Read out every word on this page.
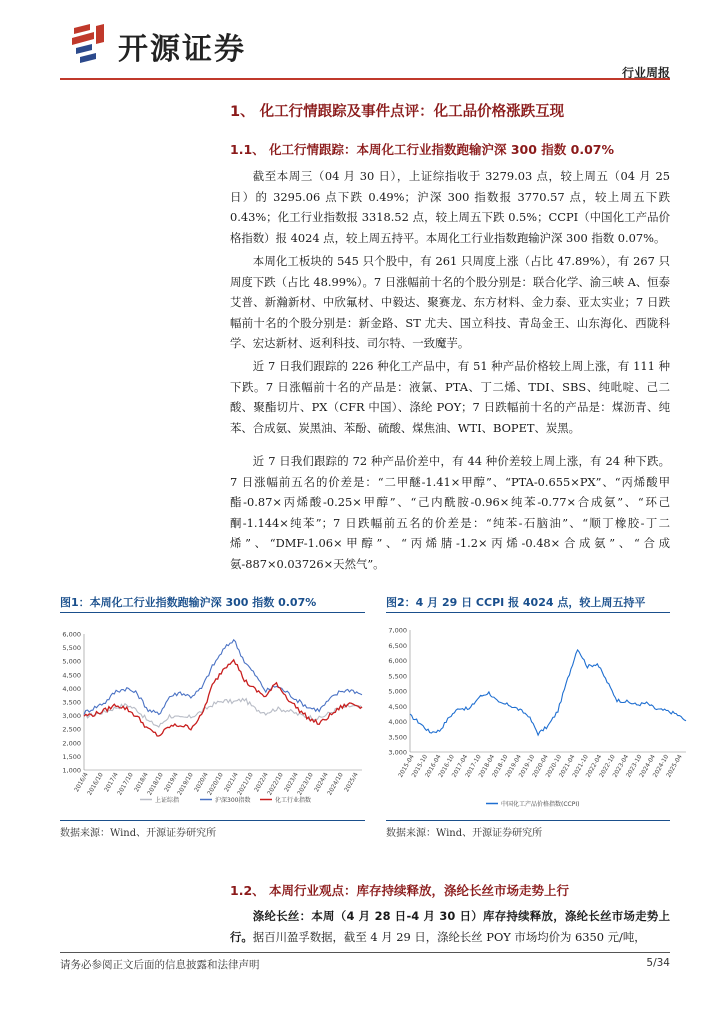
开源证券
行业周报
1、 化工行情跟踪及事件点评：化工品价格涨跌互现
1.1、 化工行情跟踪：本周化工行业指数跑输沪深 300 指数 0.07%
截至本周三（04 月 30 日），上证综指收于 3279.03 点，较上周五（04 月 25 日）的 3295.06 点下跌 0.49%；沪深 300 指数报 3770.57 点，较上周五下跌 0.43%；化工行业指数报 3318.52 点，较上周五下跌 0.5%；CCPI（中国化工产品价格指数）报 4024 点，较上周五持平。本周化工行业指数跑输沪深 300 指数 0.07%。
本周化工板块的 545 只个股中，有 261 只周度上涨（占比 47.89%），有 267 只周度下跌（占比 48.99%）。7 日涨幅前十名的个股分别是：联合化学、渝三峡 A、恒泰艾普、新瀚新材、中欣氟材、中毅达、聚赛龙、东方材料、金力泰、亚太实业；7 日跌幅前十名的个股分别是：新金路、ST 尤夫、国立科技、青岛金王、山东海化、西陇科学、宏达新材、返利科技、司尔特、一致魔芋。
近 7 日我们跟踪的 226 种化工产品中，有 51 种产品价格较上周上涨，有 111 种下跌。7 日涨幅前十名的产品是：液氯、PTA、丁二烯、TDI、SBS、纯吡啶、己二酸、聚酯切片、PX（CFR 中国）、涤纶 POY；7 日跌幅前十名的产品是：煤沥青、纯苯、合成氨、炭黑油、苯酚、硫酸、煤焦油、WTI、BOPET、炭黑。
近 7 日我们跟踪的 72 种产品价差中，有 44 种价差较上周上涨，有 24 种下跌。7 日涨幅前五名的价差是：“二甲醚-1.41×甲醇”、“PTA-0.655×PX”、“丙烯酸甲酯-0.87×丙烯酸-0.25×甲醇”、“己内酰胺-0.96×纯苯-0.77×合成氨”、“环己酮-1.144×纯苯”；7 日跌幅前五名的价差是：“纯苯-石脑油”、“顺丁橡胶-丁二烯”、“DMF-1.06×甲醇”、“丙烯腈-1.2×丙烯-0.48×合成氨”、“合成氨-887×0.03726×天然气”。
图1：本周化工行业指数跑输沪深 300 指数 0.07%
1,000
1,500
2,000
2,500
3,000
3,500
4,000
4,500
5,000
5,500
6,000
2016/4
2016/10
2017/4
2017/10
2018/4
2018/10
2019/4
2019/10
2020/4
2020/10
2021/4
2021/10
2022/4
2022/10
2023/4
2023/10
2024/4
2024/10
2025/4
上证综指	沪深300指数	化工行业指数
数据来源：Wind、开源证券研究所
图2：4 月 29 日 CCPI 报 4024 点，较上周五持平
3,000
3,500
4,000
4,500
5,000
5,500
6,000
6,500
7,000
2015-04
2015-10
2016-04
2016-10
2017-04
2017-10
2018-04
2018-10
2019-04
2019-10
2020-04
2020-10
2021-04
2021-10
2022-04
2022-10
2023-04
2023-10
2024-04
2024-10
2025-04
中国化工产品价格指数(CCPI)
数据来源：Wind、开源证券研究所
1.2、 本周行业观点：库存持续释放，涤纶长丝市场走势上行
涤纶长丝：本周（4 月 28 日-4 月 30 日）库存持续释放，涤纶长丝市场走势上行。据百川盈孚数据，截至 4 月 29 日，涤纶长丝 POY 市场均价为 6350 元/吨，
请务必参阅正文后面的信息披露和法律声明	5/34
